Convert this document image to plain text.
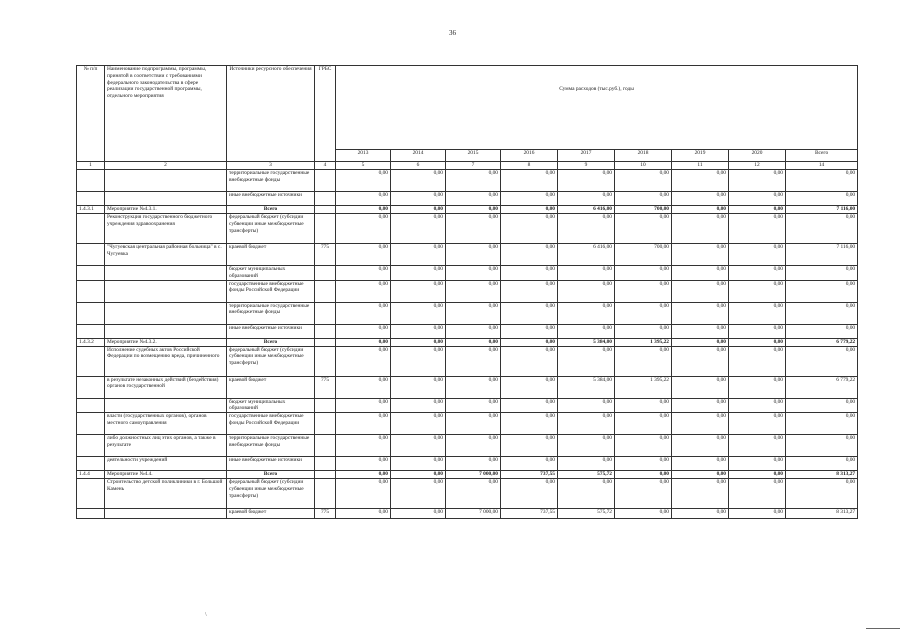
36
№ п/п	Наименование подпрограммы, программы, принятой в соответствии с требованиями федерального законодательства в сфере реализации государственной программы, отдельного мероприятия	Источники ресурсного обеспечения	ГРБС	Сумма расходов (тыс.руб.), годы								
				2013	2014	2015	2016	2017	2018	2019	2020	Всего
1	2	3	4	5	6	7	8	9	10	11	12	14
		территориальные государственные внебюджетные фонды		0,00	0,00	0,00	0,00	0,00	0,00	0,00	0,00	0,00
		иные внебюджетные источники		0,00	0,00	0,00	0,00	0,00	0,00	0,00	0,00	0,00
1.4.3.1	Мероприятие №4.3.1.	Всего		0,00	0,00	0,00	0,00	6 416,00	700,00	0,00	0,00	7 116,00
	Реконструкция государственного бюджетного учреждения здравоохранения	федеральный бюджет (субсидии субвенции иные межбюджетные трансферты)		0,00	0,00	0,00	0,00	0,00	0,00	0,00	0,00	0,00
	"Чугуевская центральная районная больница" в с. Чугуевка	краевой бюджет	775	0,00	0,00	0,00	0,00	6 416,00	700,00	0,00	0,00	7 116,00
		бюджет муниципальных образований		0,00	0,00	0,00	0,00	0,00	0,00	0,00	0,00	0,00
		государственные внебюджетные фонды Российской Федерации		0,00	0,00	0,00	0,00	0,00	0,00	0,00	0,00	0,00
		территориальные государственные внебюджетные фонды		0,00	0,00	0,00	0,00	0,00	0,00	0,00	0,00	0,00
		иные внебюджетные источники		0,00	0,00	0,00	0,00	0,00	0,00	0,00	0,00	0,00
1.4.3.2	Мероприятие №4.3.2.	Всего		0,00	0,00	0,00	0,00	5 384,00	1 395,22	0,00	0,00	6 779,22
	Исполнение судебных актов Российской Федерации по возмещению вреда, причиненного	федеральный бюджет (субсидии субвенции иные межбюджетные трансферты)		0,00	0,00	0,00	0,00	0,00	0,00	0,00	0,00	0,00
	в результате незаконных действий (бездействия) органов государственной	краевой бюджет	775	0,00	0,00	0,00	0,00	5 384,00	1 395,22	0,00	0,00	6 779,22
		бюджет муниципальных образований		0,00	0,00	0,00	0,00	0,00	0,00	0,00	0,00	0,00
	власти (государственных органов), органов местного самоуправления	государственные внебюджетные фонды Российской Федерации		0,00	0,00	0,00	0,00	0,00	0,00	0,00	0,00	0,00
	либо должностных лиц этих органов, а также в результате	территориальные государственные внебюджетные фонды		0,00	0,00	0,00	0,00	0,00	0,00	0,00	0,00	0,00
	деятельности учреждений	иные внебюджетные источники		0,00	0,00	0,00	0,00	0,00	0,00	0,00	0,00	0,00
1.4.4	Мероприятие №4.4.	Всего		0,00	0,00	7 000,00	737,55	575,72	0,00	0,00	0,00	8 313,27
	Строительство детской поликлиники в г. Большой Камень	федеральный бюджет (субсидии субвенции иные межбюджетные трансферты)		0,00	0,00	0,00	0,00	0,00	0,00	0,00	0,00	0,00
		краевой бюджет	775	0,00	0,00	7 000,00	737,55	575,72	0,00	0,00	0,00	8 313,27
\
